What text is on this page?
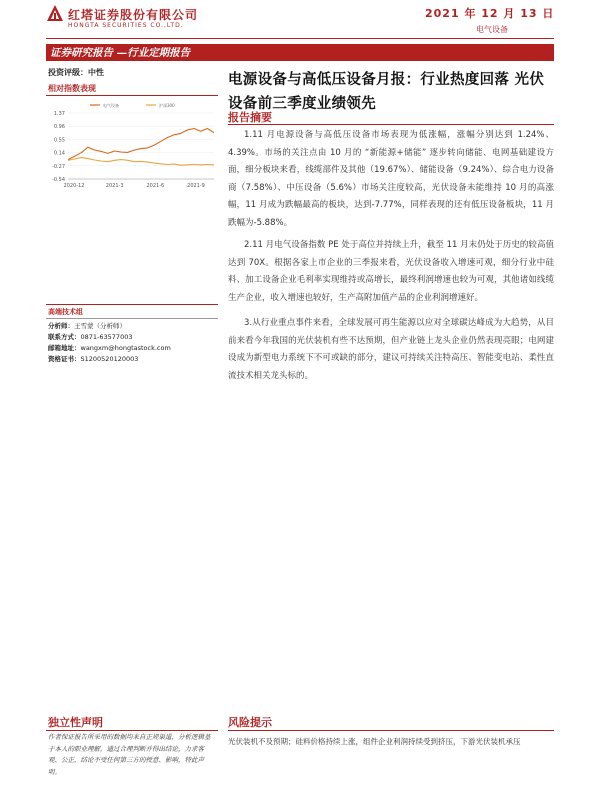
红塔证券股份有限公司
HONGTA SECURITIES CO.,LTD.
2021 年 12 月 13 日
电气设备
证券研究报告 —行业定期报告
投资评级：中性
相对指数表现
电气设备	沪深300
1.37
0.96
0.55
0.14
-0.27
-0.54
2020-12	2021-3	2021-6	2021-9
高端技术组
分析师：王雪蒙（分析师）
联系方式：0871-63577003
邮箱地址：wangxm@hongtastock.com
资格证书：S1200520120003
电源设备与高低压设备月报：行业热度回落 光伏设备前三季度业绩领先
报告摘要

1.11 月电源设备与高低压设备市场表现为低涨幅，涨幅分别达到 1.24%、4.39%。市场的关注点由 10 月的 “新能源+储能” 逐步转向储能、电网基础建设方面，细分板块来看，线缆部件及其他（19.67%）、储能设备（9.24%）、综合电力设备商（7.58%）、中压设备（5.6%）市场关注度较高，光伏设备未能维持 10 月的高涨幅，11 月成为跌幅最高的板块，达到-7.77%，同样表现的还有低压设备板块，11 月跌幅为-5.88%。

2.11 月电气设备指数 PE 处于高位并持续上升，截至 11 月末仍处于历史的较高值达到 70X。根据各家上市企业的三季报来看，光伏设备收入增速可观，细分行业中硅料、加工设备企业毛利率实现维持或高增长，最终利润增速也较为可观，其他诸如线缆生产企业，收入增速也较好，生产高附加值产品的企业利润增速好。

3.从行业重点事件来看，全球发展可再生能源以应对全球碳达峰成为大趋势，从目前来看今年我国的光伏装机有些不达预期，但产业链上龙头企业仍然表现亮眼；电网建设成为新型电力系统下不可或缺的部分，建议可持续关注特高压、智能变电站、柔性直流技术相关龙头标的。

独立性声明
作者保证报告所采用的数据均来自正规渠道，分析逻辑基于本人的职业理解，通过合理判断并得出结论，力求客观、公正，结论不受任何第三方的授意、影响，特此声明。
风险提示
光伏装机不及预期；硅料价格持续上涨，组件企业利润持续受到挤压，下游光伏装机承压
